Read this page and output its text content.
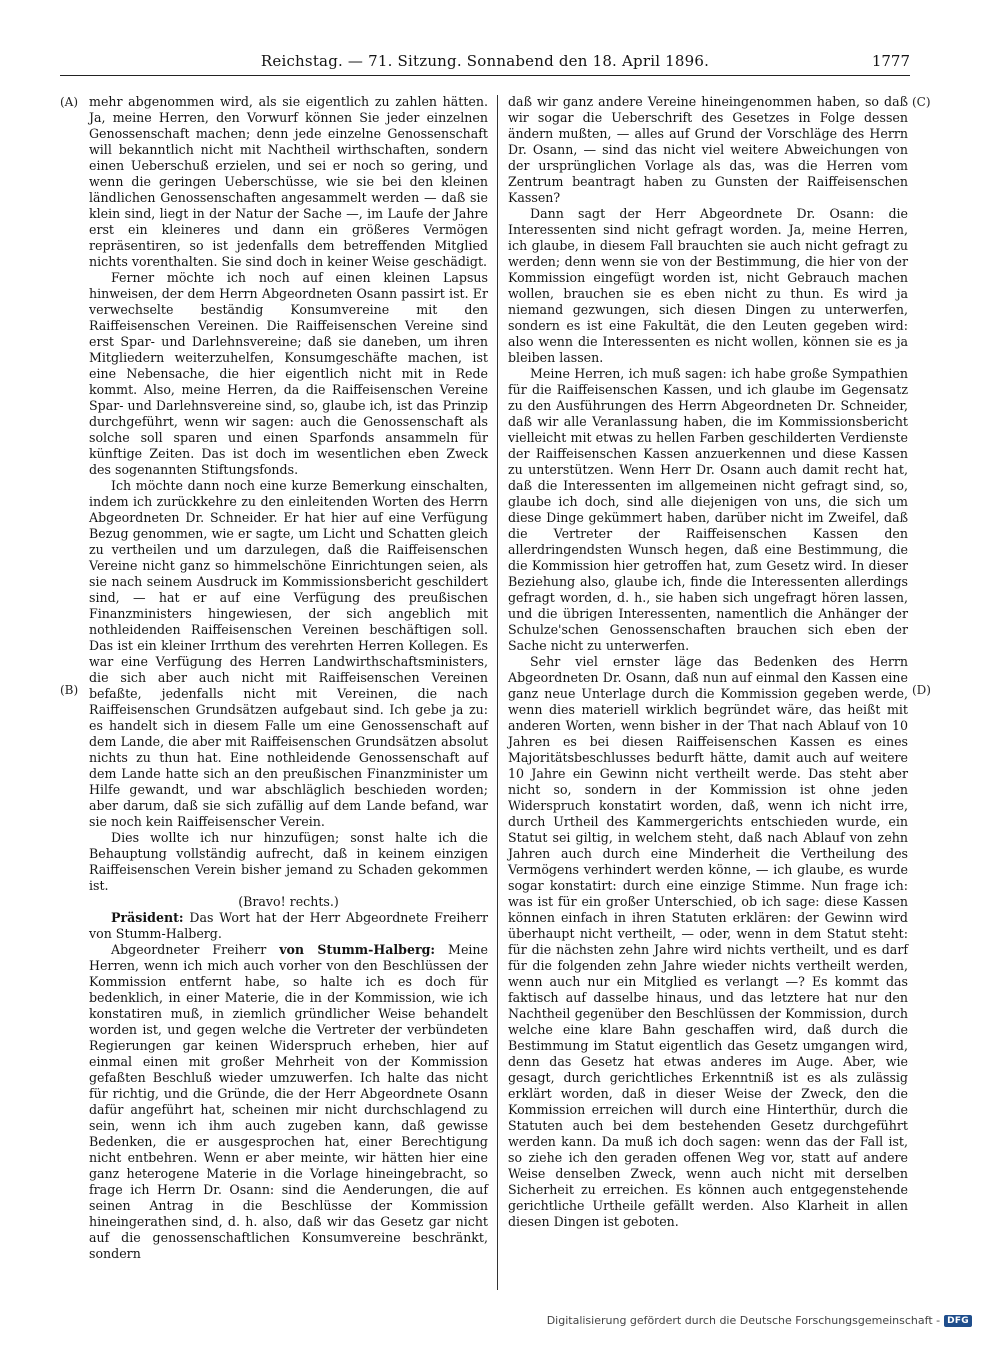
Reichstag. — 71. Sitzung. Sonnabend den 18. April 1896.	1777
(A)
(B)
(C)
(D)

mehr abgenommen wird, als sie eigentlich zu zahlen hätten. Ja, meine Herren, den Vorwurf können Sie jeder einzelnen Genossenschaft machen; denn jede einzelne Genossenschaft will bekanntlich nicht mit Nachtheil wirthschaften, sondern einen Ueberschuß erzielen, und sei er noch so gering, und wenn die geringen Ueberschüsse, wie sie bei den kleinen ländlichen Genossenschaften angesammelt werden — daß sie klein sind, liegt in der Natur der Sache —, im Laufe der Jahre erst ein kleineres und dann ein größeres Vermögen repräsentiren, so ist jedenfalls dem betreffenden Mitglied nichts vorenthalten. Sie sind doch in keiner Weise geschädigt.

Ferner möchte ich noch auf einen kleinen Lapsus hinweisen, der dem Herrn Abgeordneten Osann passirt ist. Er verwechselte beständig Konsumvereine mit den Raiffeisenschen Vereinen. Die Raiffeisenschen Vereine sind erst Spar- und Darlehnsvereine; daß sie daneben, um ihren Mitgliedern weiterzuhelfen, Konsumgeschäfte machen, ist eine Nebensache, die hier eigentlich nicht mit in Rede kommt. Also, meine Herren, da die Raiffeisenschen Vereine Spar- und Darlehnsvereine sind, so, glaube ich, ist das Prinzip durchgeführt, wenn wir sagen: auch die Genossenschaft als solche soll sparen und einen Sparfonds ansammeln für künftige Zeiten. Das ist doch im wesentlichen eben Zweck des sogenannten Stiftungsfonds.

Ich möchte dann noch eine kurze Bemerkung einschalten, indem ich zurückkehre zu den einleitenden Worten des Herrn Abgeordneten Dr. Schneider. Er hat hier auf eine Verfügung Bezug genommen, wie er sagte, um Licht und Schatten gleich zu vertheilen und um darzulegen, daß die Raiffeisenschen Vereine nicht ganz so himmelschöne Einrichtungen seien, als sie nach seinem Ausdruck im Kommissionsbericht geschildert sind, — hat er auf eine Verfügung des preußischen Finanzministers hingewiesen, der sich angeblich mit nothleidenden Raiffeisenschen Vereinen beschäftigen soll. Das ist ein kleiner Irrthum des verehrten Herren Kollegen. Es war eine Verfügung des Herren Landwirthschaftsministers, die sich aber auch nicht mit Raiffeisenschen Vereinen befaßte, jedenfalls nicht mit Vereinen, die nach Raiffeisenschen Grundsätzen aufgebaut sind. Ich gebe ja zu: es handelt sich in diesem Falle um eine Genossenschaft auf dem Lande, die aber mit Raiffeisenschen Grundsätzen absolut nichts zu thun hat. Eine nothleidende Genossenschaft auf dem Lande hatte sich an den preußischen Finanzminister um Hilfe gewandt, und war abschläglich beschieden worden; aber darum, daß sie sich zufällig auf dem Lande befand, war sie noch kein Raiffeisenscher Verein.

Dies wollte ich nur hinzufügen; sonst halte ich die Behauptung vollständig aufrecht, daß in keinem einzigen Raiffeisenschen Verein bisher jemand zu Schaden gekommen ist.

(Bravo! rechts.)

Präsident: Das Wort hat der Herr Abgeordnete Freiherr von Stumm-Halberg.

Abgeordneter Freiherr von Stumm-Halberg: Meine Herren, wenn ich mich auch vorher von den Beschlüssen der Kommission entfernt habe, so halte ich es doch für bedenklich, in einer Materie, die in der Kommission, wie ich konstatiren muß, in ziemlich gründlicher Weise behandelt worden ist, und gegen welche die Vertreter der verbündeten Regierungen gar keinen Widerspruch erheben, hier auf einmal einen mit großer Mehrheit von der Kommission gefaßten Beschluß wieder umzuwerfen. Ich halte das nicht für richtig, und die Gründe, die der Herr Abgeordnete Osann dafür angeführt hat, scheinen mir nicht durchschlagend zu sein, wenn ich ihm auch zugeben kann, daß gewisse Bedenken, die er ausgesprochen hat, einer Berechtigung nicht entbehren. Wenn er aber meinte, wir hätten hier eine ganz heterogene Materie in die Vorlage hineingebracht, so frage ich Herrn Dr. Osann: sind die Aenderungen, die auf seinen Antrag in die Beschlüsse der Kommission hineingerathen sind, d. h. also, daß wir das Gesetz gar nicht auf die genossenschaftlichen Konsumvereine beschränkt, sondern

daß wir ganz andere Vereine hineingenommen haben, so daß wir sogar die Ueberschrift des Gesetzes in Folge dessen ändern mußten, — alles auf Grund der Vorschläge des Herrn Dr. Osann, — sind das nicht viel weitere Abweichungen von der ursprünglichen Vorlage als das, was die Herren vom Zentrum beantragt haben zu Gunsten der Raiffeisenschen Kassen?

Dann sagt der Herr Abgeordnete Dr. Osann: die Interessenten sind nicht gefragt worden. Ja, meine Herren, ich glaube, in diesem Fall brauchten sie auch nicht gefragt zu werden; denn wenn sie von der Bestimmung, die hier von der Kommission eingefügt worden ist, nicht Gebrauch machen wollen, brauchen sie es eben nicht zu thun. Es wird ja niemand gezwungen, sich diesen Dingen zu unterwerfen, sondern es ist eine Fakultät, die den Leuten gegeben wird: also wenn die Interessenten es nicht wollen, können sie es ja bleiben lassen.

Meine Herren, ich muß sagen: ich habe große Sympathien für die Raiffeisenschen Kassen, und ich glaube im Gegensatz zu den Ausführungen des Herrn Abgeordneten Dr. Schneider, daß wir alle Veranlassung haben, die im Kommissionsbericht vielleicht mit etwas zu hellen Farben geschilderten Verdienste der Raiffeisenschen Kassen anzuerkennen und diese Kassen zu unterstützen. Wenn Herr Dr. Osann auch damit recht hat, daß die Interessenten im allgemeinen nicht gefragt sind, so, glaube ich doch, sind alle diejenigen von uns, die sich um diese Dinge gekümmert haben, darüber nicht im Zweifel, daß die Vertreter der Raiffeisenschen Kassen den allerdringendsten Wunsch hegen, daß eine Bestimmung, die die Kommission hier getroffen hat, zum Gesetz wird. In dieser Beziehung also, glaube ich, finde die Interessenten allerdings gefragt worden, d. h., sie haben sich ungefragt hören lassen, und die übrigen Interessenten, namentlich die Anhänger der Schulze'schen Genossenschaften brauchen sich eben der Sache nicht zu unterwerfen.

Sehr viel ernster läge das Bedenken des Herrn Abgeordneten Dr. Osann, daß nun auf einmal den Kassen eine ganz neue Unterlage durch die Kommission gegeben werde, wenn dies materiell wirklich begründet wäre, das heißt mit anderen Worten, wenn bisher in der That nach Ablauf von 10 Jahren es bei diesen Raiffeisenschen Kassen es eines Majoritätsbeschlusses bedurft hätte, damit auch auf weitere 10 Jahre ein Gewinn nicht vertheilt werde. Das steht aber nicht so, sondern in der Kommission ist ohne jeden Widerspruch konstatirt worden, daß, wenn ich nicht irre, durch Urtheil des Kammergerichts entschieden wurde, ein Statut sei giltig, in welchem steht, daß nach Ablauf von zehn Jahren auch durch eine Minderheit die Vertheilung des Vermögens verhindert werden könne, — ich glaube, es wurde sogar konstatirt: durch eine einzige Stimme. Nun frage ich: was ist für ein großer Unterschied, ob ich sage: diese Kassen können einfach in ihren Statuten erklären: der Gewinn wird überhaupt nicht vertheilt, — oder, wenn in dem Statut steht: für die nächsten zehn Jahre wird nichts vertheilt, und es darf für die folgenden zehn Jahre wieder nichts vertheilt werden, wenn auch nur ein Mitglied es verlangt —? Es kommt das faktisch auf dasselbe hinaus, und das letztere hat nur den Nachtheil gegenüber den Beschlüssen der Kommission, durch welche eine klare Bahn geschaffen wird, daß durch die Bestimmung im Statut eigentlich das Gesetz umgangen wird, denn das Gesetz hat etwas anderes im Auge. Aber, wie gesagt, durch gerichtliches Erkenntniß ist es als zulässig erklärt worden, daß in dieser Weise der Zweck, den die Kommission erreichen will durch eine Hinterthür, durch die Statuten auch bei dem bestehenden Gesetz durchgeführt werden kann. Da muß ich doch sagen: wenn das der Fall ist, so ziehe ich den geraden offenen Weg vor, statt auf andere Weise denselben Zweck, wenn auch nicht mit derselben Sicherheit zu erreichen. Es können auch entgegenstehende gerichtliche Urtheile gefällt werden. Also Klarheit in allen diesen Dingen ist geboten.

Digitalisierung gefördert durch die Deutsche Forschungsgemeinschaft - DFG
